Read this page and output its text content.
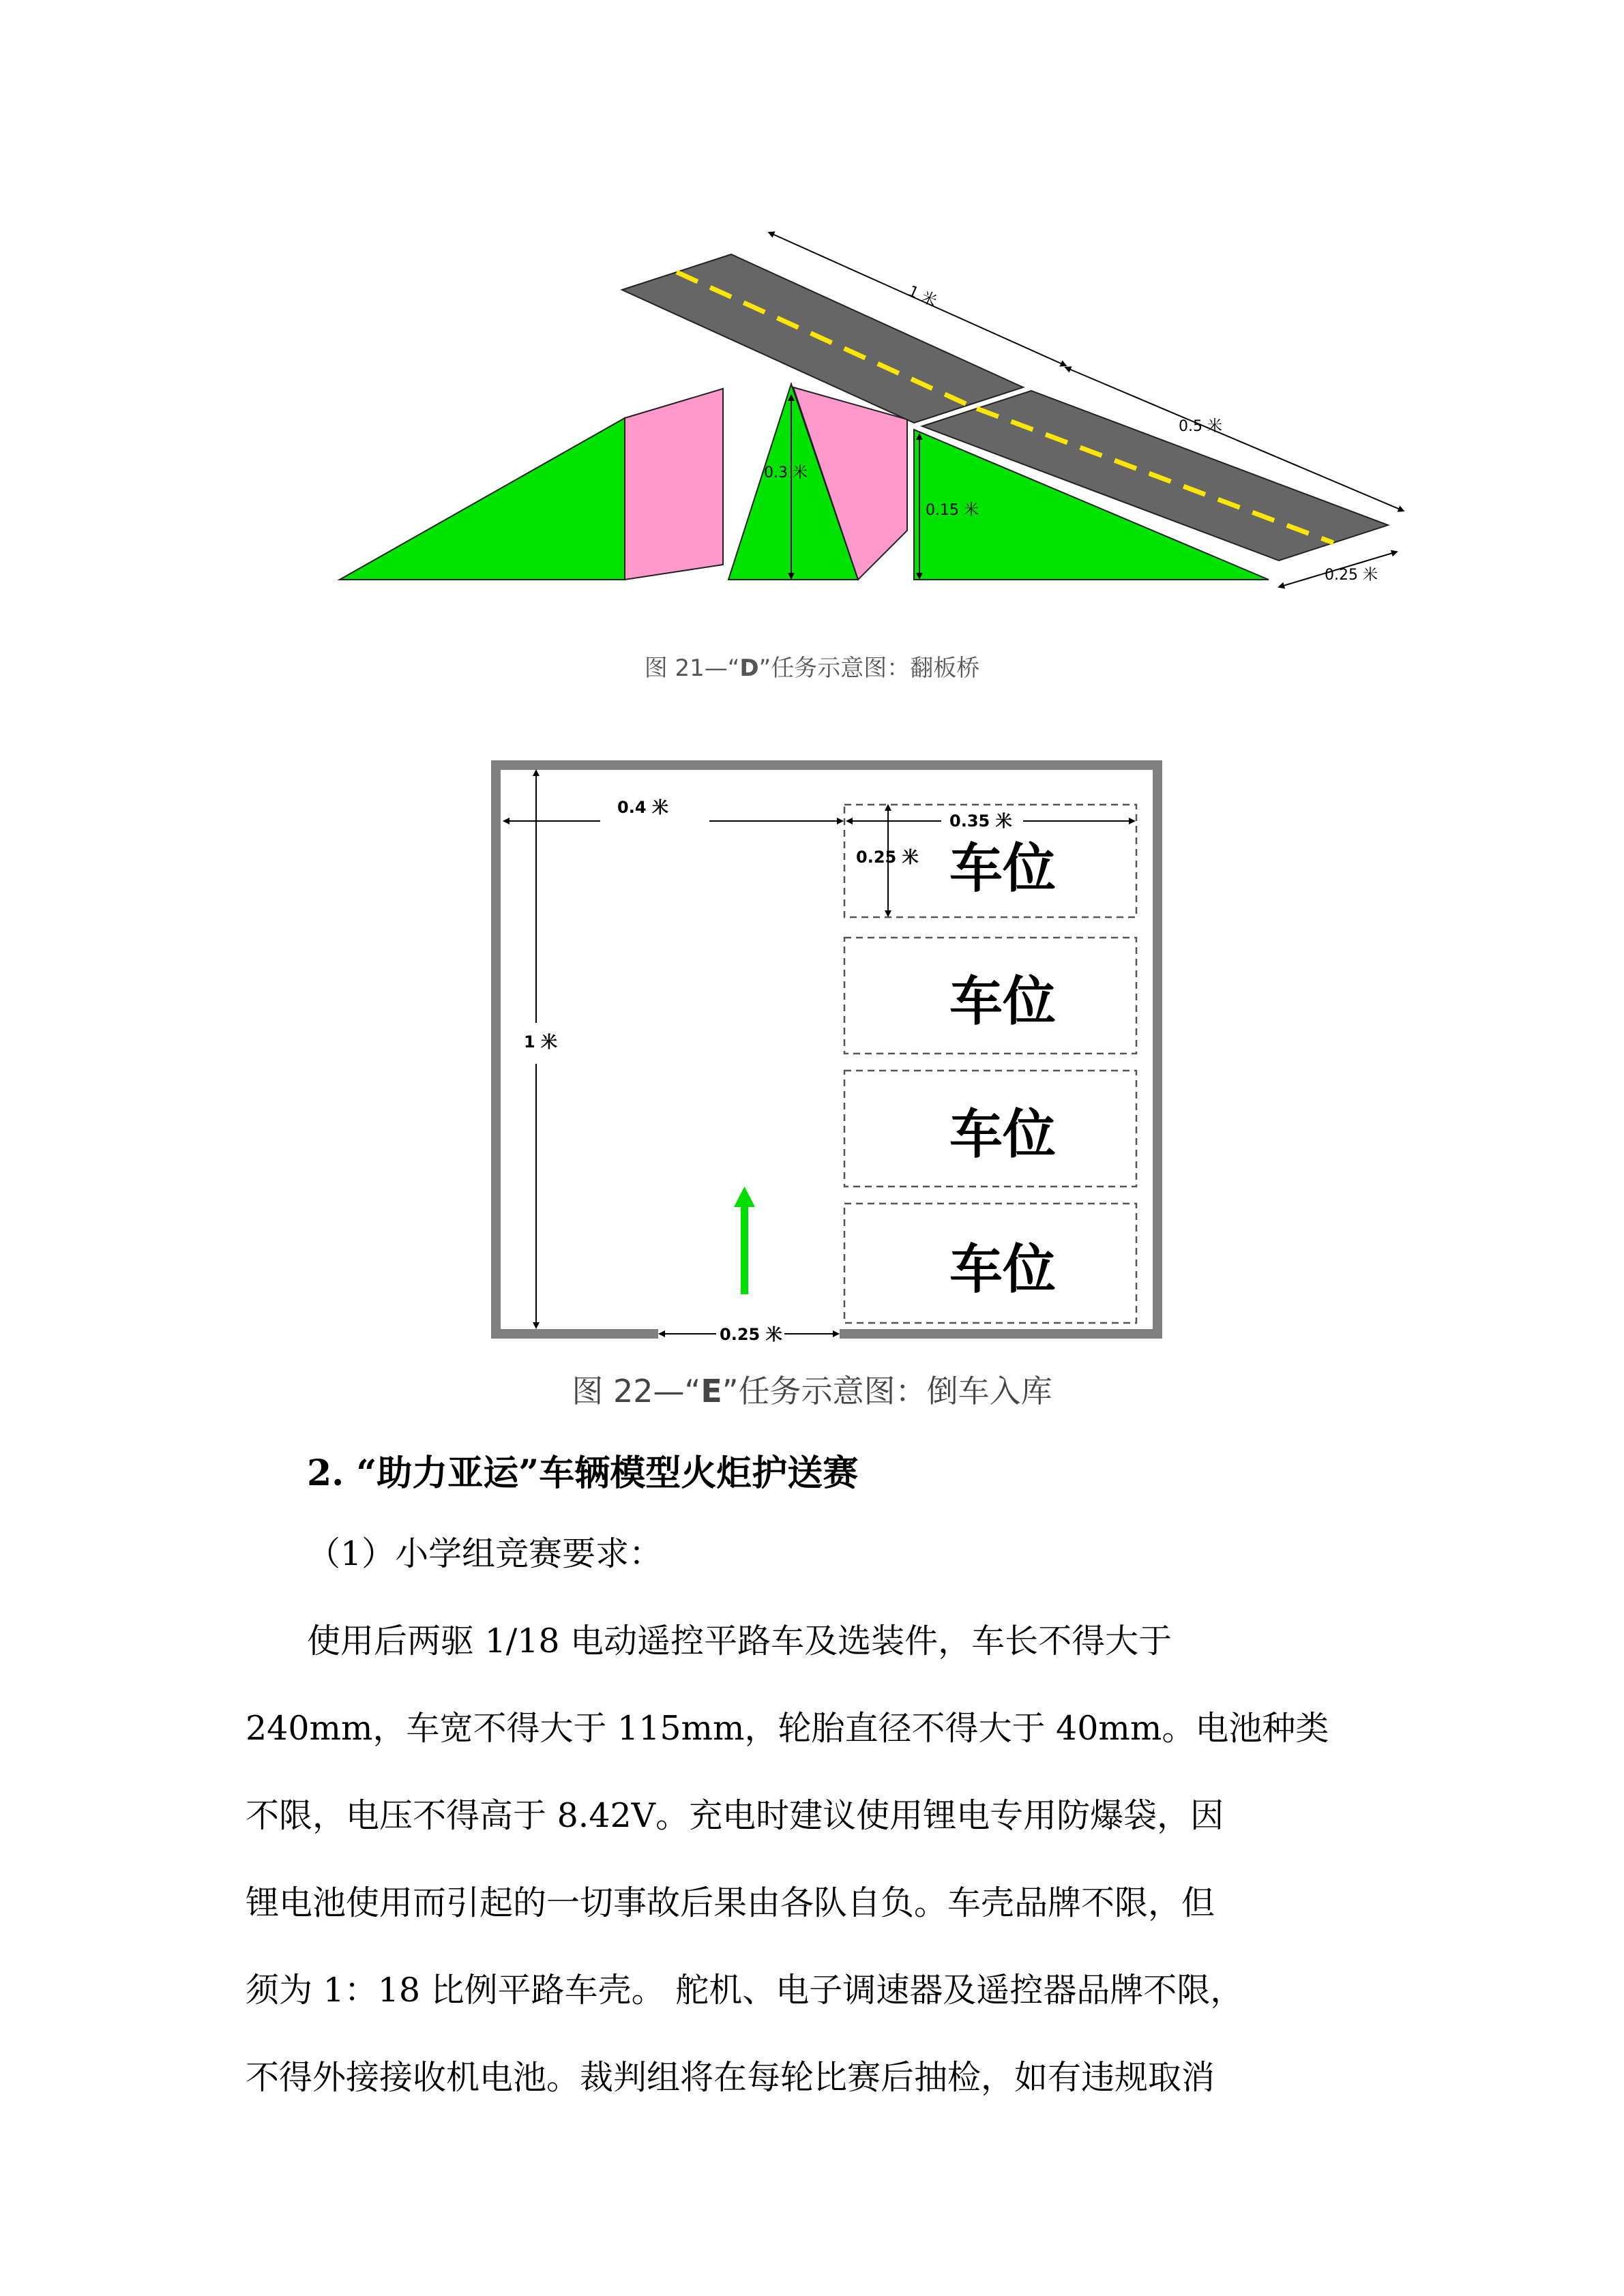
1 米
0.5 米
0.25 米
0.3 米
0.15 米
图 21—“D”任务示意图：翻板桥
车位
车位
车位
车位
0.4 米
0.35 米
0.25 米
1 米
0.25 米
图 22—“E”任务示意图：倒车入库
2. “助力亚运”车辆模型火炬护送赛
（1）小学组竞赛要求：
使用后两驱 1/18 电动遥控平路车及选装件，车长不得大于
240mm，车宽不得大于 115mm，轮胎直径不得大于 40mm。电池种类
不限，电压不得高于 8.42V。充电时建议使用锂电专用防爆袋，因
锂电池使用而引起的一切事故后果由各队自负。车壳品牌不限，但
须为 1：18 比例平路车壳。 舵机、电子调速器及遥控器品牌不限，
不得外接接收机电池。裁判组将在每轮比赛后抽检，如有违规取消
